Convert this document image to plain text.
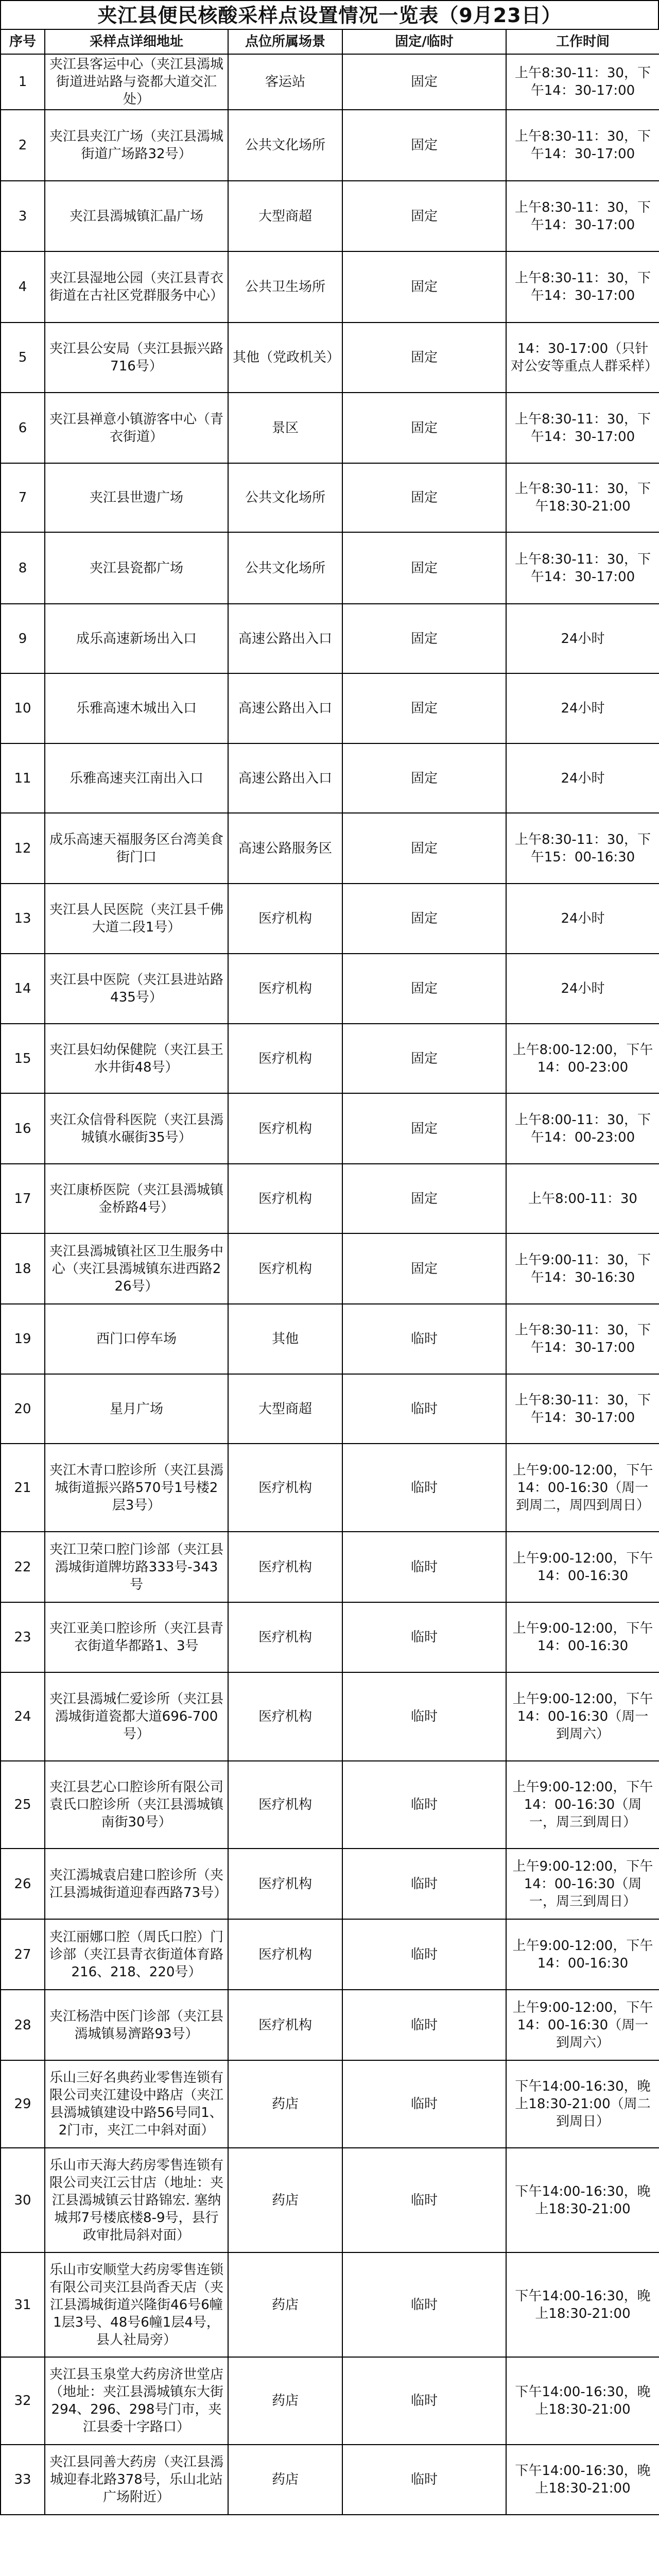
夹江县便民核酸采样点设置情况一览表（9月23日）
序号	采样点详细地址	点位所属场景	固定/临时	工作时间
1	夹江县客运中心（夹江县漹城街道进站路与瓷都大道交汇处）	客运站	固定	上午8:30-11：30，下午14：30-17:00
2	夹江县夹江广场（夹江县漹城街道广场路32号）	公共文化场所	固定	上午8:30-11：30，下午14：30-17:00
3	夹江县漹城镇汇晶广场	大型商超	固定	上午8:30-11：30，下午14：30-17:00
4	夹江县湿地公园（夹江县青衣街道在古社区党群服务中心）	公共卫生场所	固定	上午8:30-11：30，下午14：30-17:00
5	夹江县公安局（夹江县振兴路716号）	其他（党政机关）	固定	14：30-17:00（只针对公安等重点人群采样）
6	夹江县禅意小镇游客中心（青衣街道）	景区	固定	上午8:30-11：30，下午14：30-17:00
7	夹江县世遗广场	公共文化场所	固定	上午8:30-11：30，下午18:30-21:00
8	夹江县瓷都广场	公共文化场所	固定	上午8:30-11：30，下午14：30-17:00
9	成乐高速新场出入口	高速公路出入口	固定	24小时
10	乐雅高速木城出入口	高速公路出入口	固定	24小时
11	乐雅高速夹江南出入口	高速公路出入口	固定	24小时
12	成乐高速天福服务区台湾美食街门口	高速公路服务区	固定	上午8:30-11：30，下午15：00-16:30
13	夹江县人民医院（夹江县千佛大道二段1号）	医疗机构	固定	24小时
14	夹江县中医院（夹江县进站路435号）	医疗机构	固定	24小时
15	夹江县妇幼保健院（夹江县王水井街48号）	医疗机构	固定	上午8:00-12:00，下午14：00-23:00
16	夹江众信骨科医院（夹江县漹城镇水碾街35号）	医疗机构	固定	上午8:00-11：30，下午14：00-23:00
17	夹江康桥医院（夹江县漹城镇金桥路4号）	医疗机构	固定	上午8:00-11：30
18	夹江县漹城镇社区卫生服务中心（夹江县漹城镇东进西路226号）	医疗机构	固定	上午9:00-11：30，下午14：30-16:30
19	西门口停车场	其他	临时	上午8:30-11：30，下午14：30-17:00
20	星月广场	大型商超	临时	上午8:30-11：30，下午14：30-17:00
21	夹江木青口腔诊所（夹江县漹城街道振兴路570号1号楼2层3号）	医疗机构	临时	上午9:00-12:00，下午14：00-16:30（周一到周二，周四到周日）
22	夹江卫荣口腔门诊部（夹江县漹城街道牌坊路333号-343号	医疗机构	临时	上午9:00-12:00，下午14：00-16:30
23	夹江亚美口腔诊所（夹江县青衣街道华都路1、3号	医疗机构	临时	上午9:00-12:00，下午14：00-16:30
24	夹江县漹城仁爱诊所（夹江县漹城街道瓷都大道696-700号）	医疗机构	临时	上午9:00-12:00，下午14：00-16:30（周一到周六）
25	夹江县艺心口腔诊所有限公司袁氏口腔诊所（夹江县漹城镇南街30号）	医疗机构	临时	上午9:00-12:00，下午14：00-16:30（周一，周三到周日）
26	夹江漹城袁启建口腔诊所（夹江县漹城街道迎春西路73号）	医疗机构	临时	上午9:00-12:00，下午14：00-16:30（周一，周三到周日）
27	夹江丽娜口腔（周氏口腔）门诊部（夹江县青衣街道体育路216、218、220号）	医疗机构	临时	上午9:00-12:00，下午14：00-16:30
28	夹江杨浩中医门诊部（夹江县漹城镇易濟路93号）	医疗机构	临时	上午9:00-12:00，下午14：00-16:30（周一到周六）
29	乐山三好名典药业零售连锁有限公司夹江建设中路店（夹江县漹城镇建设中路56号同1、2门市，夹江二中斜对面）	药店	临时	下午14:00-16:30，晚上18:30-21:00（周二到周日）
30	乐山市天海大药房零售连锁有限公司夹江云甘店（地址：夹江县漹城镇云甘路锦宏. 塞纳城邦7号楼底楼8-9号，县行政审批局斜对面）	药店	临时	下午14:00-16:30，晚上18:30-21:00
31	乐山市安顺堂大药房零售连锁有限公司夹江县尚香天店（夹江县漹城街道兴隆街46号6幢1层3号、48号6幢1层4号，县人社局旁）	药店	临时	下午14:00-16:30，晚上18:30-21:00
32	夹江县玉泉堂大药房济世堂店（地址：夹江县漹城镇东大街294、296、298号门市，夹江县委十字路口）	药店	临时	下午14:00-16:30，晚上18:30-21:00
33	夹江县同善大药房（夹江县漹城迎春北路378号，乐山北站广场附近）	药店	临时	下午14:00-16:30，晚上18:30-21:00
